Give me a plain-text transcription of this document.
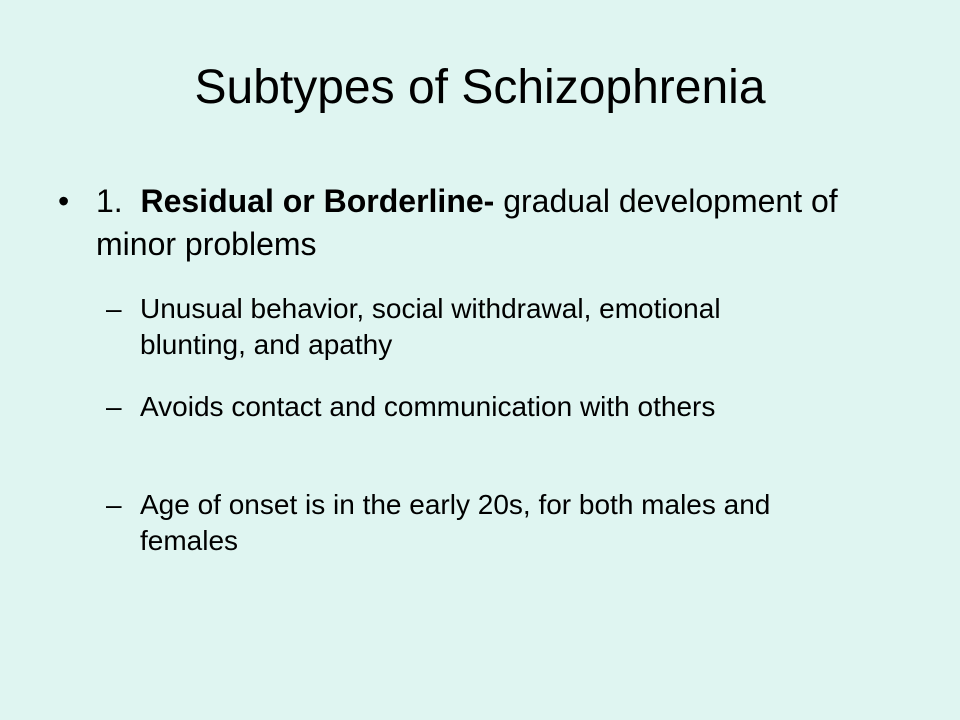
Subtypes of Schizophrenia
• 1. Residual or Borderline- gradual development of minor problems
– Unusual behavior, social withdrawal, emotional blunting, and apathy
– Avoids contact and communication with others
– Age of onset is in the early 20s, for both males and females
